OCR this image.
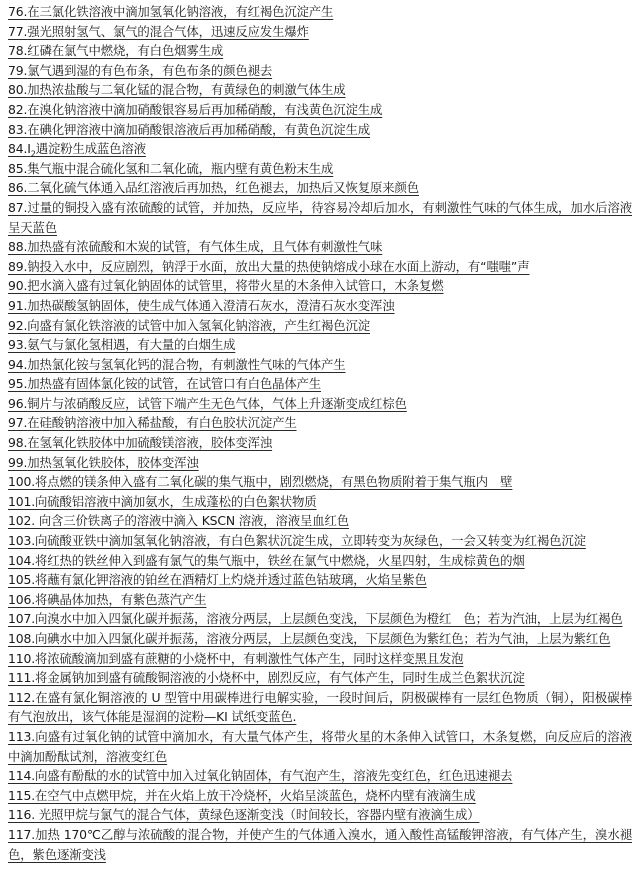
76.在三氯化铁溶液中滴加氢氧化钠溶液，有红褐色沉淀产生
77.强光照射氢气、氯气的混合气体，迅速反应发生爆炸
78.红磷在氯气中燃烧，有白色烟雾生成
79.氯气遇到湿的有色布条，有色布条的颜色褪去
80.加热浓盐酸与二氧化锰的混合物，有黄绿色的刺激气体生成
82.在溴化钠溶液中滴加硝酸银容易后再加稀硝酸，有浅黄色沉淀生成
83.在碘化钾溶液中滴加硝酸银溶液后再加稀硝酸，有黄色沉淀生成
$84.I_2$遇淀粉生成蓝色溶液
85.集气瓶中混合硫化氢和二氧化硫，瓶内壁有黄色粉末生成
86.二氧化硫气体通入品红溶液后再加热，红色褪去，加热后又恢复原来颜色
87.过量的铜投入盛有浓硫酸的试管，并加热，反应毕，待容易冷却后加水，有刺激性气味的气体生成，加水后溶液呈天蓝色
88.加热盛有浓硫酸和木炭的试管，有气体生成，且气体有刺激性气味
89.钠投入水中，反应剧烈，钠浮于水面，放出大量的热使钠熔成小球在水面上游动，有“嗤嗤”声
90.把水滴入盛有过氧化钠固体的试管里，将带火星的木条伸入试管口，木条复燃
91.加热碳酸氢钠固体，使生成气体通入澄清石灰水，澄清石灰水变浑浊
92.向盛有氯化铁溶液的试管中加入氢氧化钠溶液，产生红褐色沉淀
93.氨气与氯化氢相遇，有大量的白烟生成
94.加热氯化铵与氢氧化钙的混合物，有刺激性气味的气体产生
95.加热盛有固体氯化铵的试管，在试管口有白色晶体产生
96.铜片与浓硝酸反应，试管下端产生无色气体，气体上升逐渐变成红棕色
97.在硅酸钠溶液中加入稀盐酸，有白色胶状沉淀产生
98.在氢氧化铁胶体中加硫酸镁溶液，胶体变浑浊
99.加热氢氧化铁胶体，胶体变浑浊
100.将点燃的镁条伸入盛有二氧化碳的集气瓶中，剧烈燃烧，有黑色物质附着于集气瓶内　壁
101.向硫酸铝溶液中滴加氨水，生成蓬松的白色絮状物质
102. 向含三价铁离子的溶液中滴入 KSCN 溶液，溶液呈血红色
103.向硫酸亚铁中滴加氢氧化钠溶液，有白色絮状沉淀生成，立即转变为灰绿色，一会又转变为红褐色沉淀
104.将红热的铁丝伸入到盛有氯气的集气瓶中，铁丝在氯气中燃烧，火星四射，生成棕黄色的烟
105.将蘸有氯化钾溶液的铂丝在酒精灯上灼烧并透过蓝色钴玻璃，火焰呈紫色
106.将碘晶体加热，有紫色蒸汽产生
107.向溴水中加入四氯化碳并振荡，溶液分两层，上层颜色变浅，下层颜色为橙红　色；若为汽油，上层为红褐色
108.向碘水中加入四氯化碳并振荡，溶液分两层，上层颜色变浅，下层颜色为紫红色；若为气油，上层为紫红色
110.将浓硫酸滴加到盛有蔗糖的小烧杯中，有刺激性气体产生，同时这样变黑且发泡
111.将金属钠加到盛有硫酸铜溶液的小烧杯中，剧烈反应，有气体产生，同时生成兰色絮状沉淀
112.在盛有氯化铜溶液的 U 型管中用碳棒进行电解实验，一段时间后，阴极碳棒有一层红色物质（铜），阳极碳棒有气泡放出，该气体能是湿润的淀粉—KI 试纸变蓝色.
113.向盛有过氧化钠的试管中滴加水，有大量气体产生，将带火星的木条伸入试管口，木条复燃，向反应后的溶液中滴加酚酞试剂，溶液变红色
114.向盛有酚酞的水的试管中加入过氧化钠固体，有气泡产生，溶液先变红色，红色迅速褪去
115.在空气中点燃甲烷，并在火焰上放干冷烧杯，火焰呈淡蓝色，烧杯内壁有液滴生成
116. 光照甲烷与氯气的混合气体，黄绿色逐渐变浅（时间较长，容器内壁有液滴生成）
117.加热 170℃乙醇与浓硫酸的混合物，并使产生的气体通入溴水，通入酸性高锰酸钾溶液，有气体产生，溴水褪色，紫色逐渐变浅
